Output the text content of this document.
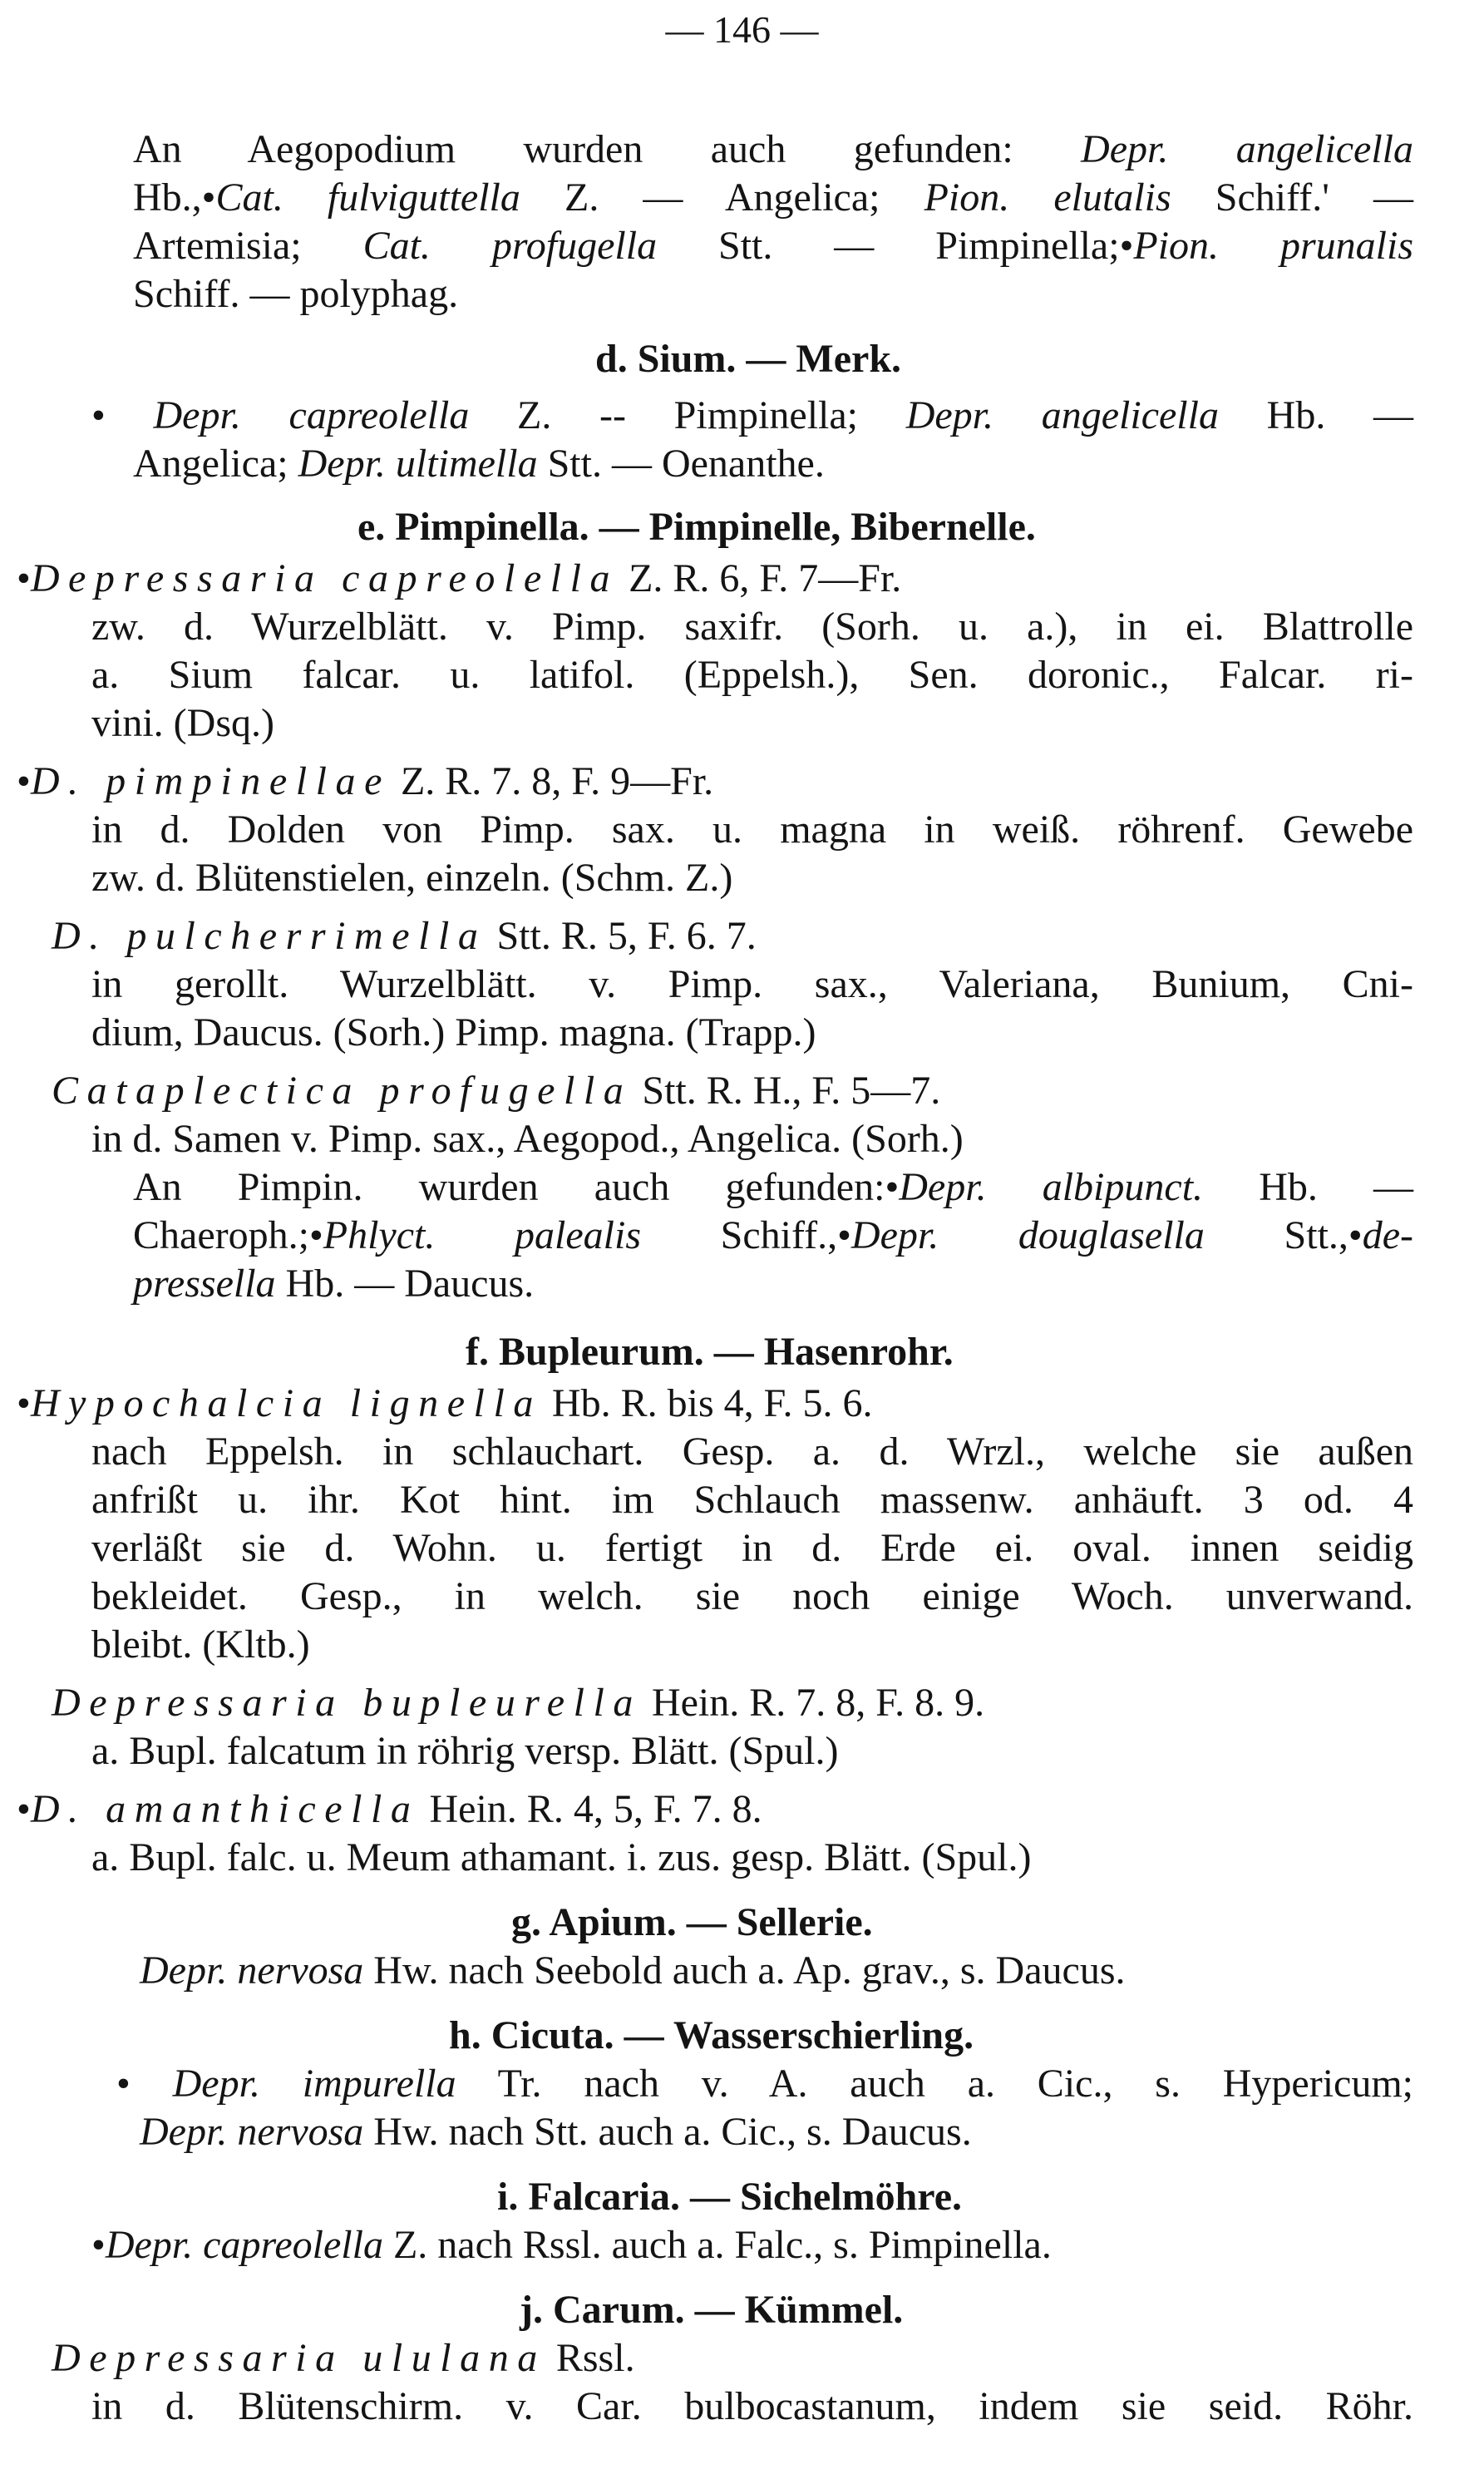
— 146 —
An Aegopodium wurden auch gefunden: Depr. angelicella
Hb.,•Cat. fulviguttella Z. — Angelica; Pion. elutalis Schiff.' —
Artemisia; Cat. profugella Stt. — Pimpinella;•Pion. prunalis
Schiff. — polyphag.
d. Sium. — Merk.
• Depr. capreolella Z. -- Pimpinella; Depr. angelicella Hb. —
Angelica; Depr. ultimella Stt. — Oenanthe.
e. Pimpinella. — Pimpinelle, Bibernelle.
•Depressaria capreolella Z. R. 6, F. 7—Fr.
zw. d. Wurzelblätt. v. Pimp. saxifr. (Sorh. u. a.), in ei. Blattrolle
a. Sium falcar. u. latifol. (Eppelsh.), Sen. doronic., Falcar. ri-
vini. (Dsq.)
•D. pimpinellae Z. R. 7. 8, F. 9—Fr.
in d. Dolden von Pimp. sax. u. magna in weiß. röhrenf. Gewebe
zw. d. Blütenstielen, einzeln. (Schm. Z.)
D. pulcherrimella Stt. R. 5, F. 6. 7.
in gerollt. Wurzelblätt. v. Pimp. sax., Valeriana, Bunium, Cni-
dium, Daucus. (Sorh.) Pimp. magna. (Trapp.)
Cataplectica profugella Stt. R. H., F. 5—7.
in d. Samen v. Pimp. sax., Aegopod., Angelica. (Sorh.)
An Pimpin. wurden auch gefunden:•Depr. albipunct. Hb. —
Chaeroph.;•Phlyct. palealis Schiff.,•Depr. douglasella Stt.,•de-
pressella Hb. — Daucus.
f. Bupleurum. — Hasenrohr.
•Hypochalcia lignella Hb. R. bis 4, F. 5. 6.
nach Eppelsh. in schlauchart. Gesp. a. d. Wrzl., welche sie außen
anfrißt u. ihr. Kot hint. im Schlauch massenw. anhäuft. 3 od. 4
verläßt sie d. Wohn. u. fertigt in d. Erde ei. oval. innen seidig
bekleidet. Gesp., in welch. sie noch einige Woch. unverwand.
bleibt. (Kltb.)
Depressaria bupleurella Hein. R. 7. 8, F. 8. 9.
a. Bupl. falcatum in röhrig versp. Blätt. (Spul.)
•D. amanthicella Hein. R. 4, 5, F. 7. 8.
a. Bupl. falc. u. Meum athamant. i. zus. gesp. Blätt. (Spul.)
g. Apium. — Sellerie.
Depr. nervosa Hw. nach Seebold auch a. Ap. grav., s. Daucus.
h. Cicuta. — Wasserschierling.
• Depr. impurella Tr. nach v. A. auch a. Cic., s. Hypericum;
Depr. nervosa Hw. nach Stt. auch a. Cic., s. Daucus.
i. Falcaria. — Sichelmöhre.
•Depr. capreolella Z. nach Rssl. auch a. Falc., s. Pimpinella.
j. Carum. — Kümmel.
Depressaria ululana Rssl.
in d. Blütenschirm. v. Car. bulbocastanum, indem sie seid. Röhr.
